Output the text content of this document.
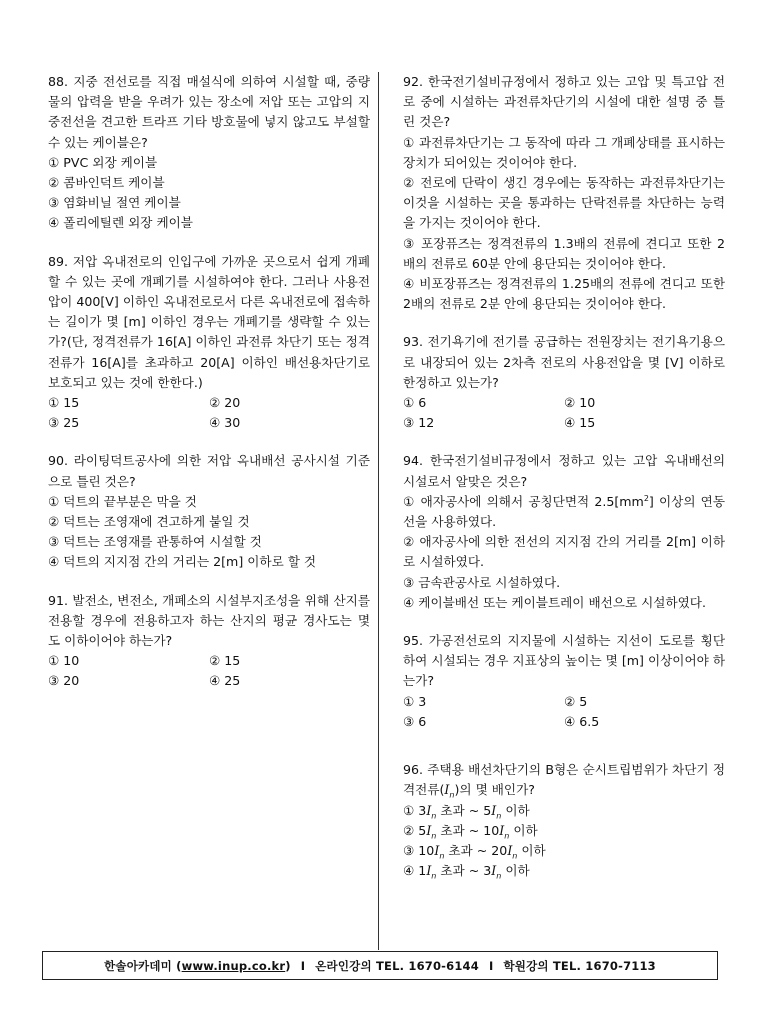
88. 지중 전선로를 직접 매설식에 의하여 시설할 때, 중량물의 압력을 받을 우려가 있는 장소에 저압 또는 고압의 지중전선을 견고한 트라프 기타 방호물에 넣지 않고도 부설할 수 있는 케이블은?
① PVC 외장 케이블
② 콤바인덕트 케이블
③ 염화비닐 절연 케이블
④ 폴리에틸렌 외장 케이블
89. 저압 옥내전로의 인입구에 가까운 곳으로서 쉽게 개폐할 수 있는 곳에 개폐기를 시설하여야 한다. 그러나 사용전압이 400[V] 이하인 옥내전로로서 다른 옥내전로에 접속하는 길이가 몇 [m] 이하인 경우는 개폐기를 생략할 수 있는가?(단, 정격전류가 16[A] 이하인 과전류 차단기 또는 정격전류가 16[A]를 초과하고 20[A] 이하인 배선용차단기로 보호되고 있는 것에 한한다.)
① 15	② 20
③ 25	④ 30
90. 라이팅덕트공사에 의한 저압 옥내배선 공사시설 기준으로 틀린 것은?
① 덕트의 끝부분은 막을 것
② 덕트는 조영재에 견고하게 붙일 것
③ 덕트는 조영재를 관통하여 시설할 것
④ 덕트의 지지점 간의 거리는 2[m] 이하로 할 것
91. 발전소, 변전소, 개폐소의 시설부지조성을 위해 산지를 전용할 경우에 전용하고자 하는 산지의 평균 경사도는 몇 도 이하이어야 하는가?
① 10	② 15
③ 20	④ 25
92. 한국전기설비규정에서 정하고 있는 고압 및 특고압 전로 중에 시설하는 과전류차단기의 시설에 대한 설명 중 틀린 것은?
① 과전류차단기는 그 동작에 따라 그 개폐상태를 표시하는 장치가 되어있는 것이어야 한다.
② 전로에 단락이 생긴 경우에는 동작하는 과전류차단기는 이것을 시설하는 곳을 통과하는 단락전류를 차단하는 능력을 가지는 것이어야 한다.
③ 포장퓨즈는 정격전류의 1.3배의 전류에 견디고 또한 2배의 전류로 60분 안에 용단되는 것이어야 한다.
④ 비포장퓨즈는 정격전류의 1.25배의 전류에 견디고 또한 2배의 전류로 2분 안에 용단되는 것이어야 한다.
93. 전기욕기에 전기를 공급하는 전원장치는 전기욕기용으로 내장되어 있는 2차측 전로의 사용전압을 몇 [V] 이하로 한정하고 있는가?
① 6	② 10
③ 12	④ 15
94. 한국전기설비규정에서 정하고 있는 고압 옥내배선의 시설로서 알맞은 것은?
① 애자공사에 의해서 공칭단면적 $2.5[mm^2]$ 이상의 연동선을 사용하였다.
② 애자공사에 의한 전선의 지지점 간의 거리를 2[m] 이하로 시설하였다.
③ 금속관공사로 시설하였다.
④ 케이블배선 또는 케이블트레이 배선으로 시설하였다.
95. 가공전선로의 지지물에 시설하는 지선이 도로를 횡단하여 시설되는 경우 지표상의 높이는 몇 [m] 이상이어야 하는가?
① 3	② 5
③ 6	④ 6.5
96. 주택용 배선차단기의 B형은 순시트립범위가 차단기 정격전류$(I_n)$의 몇 배인가?
① $3I_n$ 초과 ~ $5I_n$ 이하
② $5I_n$ 초과 ~ $10I_n$ 이하
③ $10I_n$ 초과 ~ $20I_n$ 이하
④ $1I_n$ 초과 ~ $3I_n$ 이하
한솔아카데미 ( www.inup.co.kr ) I 온라인강의 TEL. 1670-6144 I 학원강의 TEL. 1670-7113
